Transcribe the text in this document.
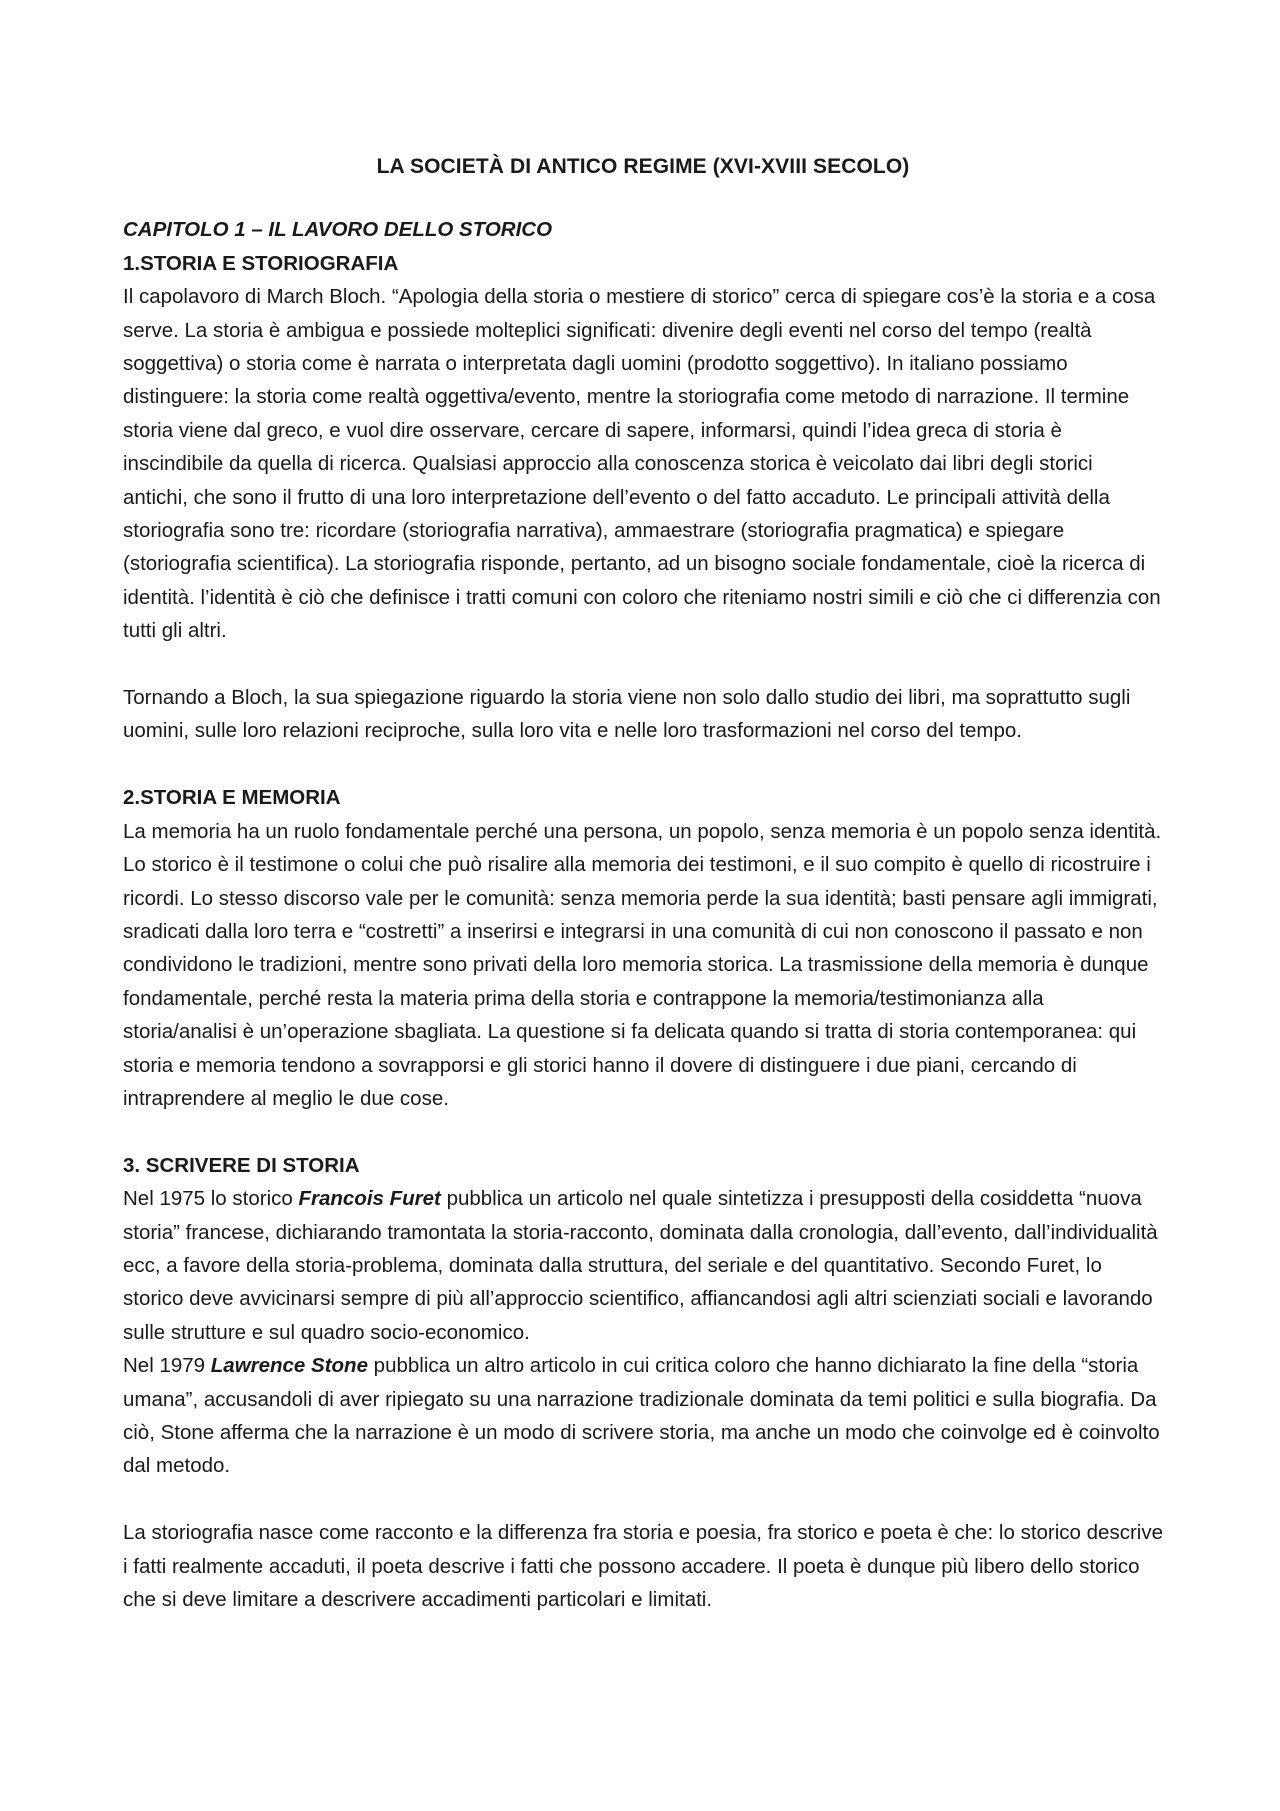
LA SOCIETÀ DI ANTICO REGIME (XVI-XVIII SECOLO)
CAPITOLO 1 – IL LAVORO DELLO STORICO
1.STORIA E STORIOGRAFIA

Il capolavoro di March Bloch. “Apologia della storia o mestiere di storico” cerca di spiegare cos’è la storia e a cosa serve. La storia è ambigua e possiede molteplici significati: divenire degli eventi nel corso del tempo (realtà soggettiva) o storia come è narrata o interpretata dagli uomini (prodotto soggettivo). In italiano possiamo distinguere: la storia come realtà oggettiva/evento, mentre la storiografia come metodo di narrazione. Il termine storia viene dal greco, e vuol dire osservare, cercare di sapere, informarsi, quindi l’idea greca di storia è inscindibile da quella di ricerca. Qualsiasi approccio alla conoscenza storica è veicolato dai libri degli storici antichi, che sono il frutto di una loro interpretazione dell’evento o del fatto accaduto. Le principali attività della storiografia sono tre: ricordare (storiografia narrativa), ammaestrare (storiografia pragmatica) e spiegare (storiografia scientifica). La storiografia risponde, pertanto, ad un bisogno sociale fondamentale, cioè la ricerca di identità. l’identità è ciò che definisce i tratti comuni con coloro che riteniamo nostri simili e ciò che ci differenzia con tutti gli altri.

Tornando a Bloch, la sua spiegazione riguardo la storia viene non solo dallo studio dei libri, ma soprattutto sugli uomini, sulle loro relazioni reciproche, sulla loro vita e nelle loro trasformazioni nel corso del tempo.

2.STORIA E MEMORIA

La memoria ha un ruolo fondamentale perché una persona, un popolo, senza memoria è un popolo senza identità. Lo storico è il testimone o colui che può risalire alla memoria dei testimoni, e il suo compito è quello di ricostruire i ricordi. Lo stesso discorso vale per le comunità: senza memoria perde la sua identità; basti pensare agli immigrati, sradicati dalla loro terra e “costretti” a inserirsi e integrarsi in una comunità di cui non conoscono il passato e non condividono le tradizioni, mentre sono privati della loro memoria storica. La trasmissione della memoria è dunque fondamentale, perché resta la materia prima della storia e contrappone la memoria/testimonianza alla storia/analisi è un’operazione sbagliata. La questione si fa delicata quando si tratta di storia contemporanea: qui storia e memoria tendono a sovrapporsi e gli storici hanno il dovere di distinguere i due piani, cercando di intraprendere al meglio le due cose.

3. SCRIVERE DI STORIA

Nel 1975 lo storico Francois Furet pubblica un articolo nel quale sintetizza i presupposti della cosiddetta “nuova storia” francese, dichiarando tramontata la storia-racconto, dominata dalla cronologia, dall’evento, dall’individualità ecc, a favore della storia-problema, dominata dalla struttura, del seriale e del quantitativo. Secondo Furet, lo storico deve avvicinarsi sempre di più all’approccio scientifico, affiancandosi agli altri scienziati sociali e lavorando sulle strutture e sul quadro socio-economico.

Nel 1979 Lawrence Stone pubblica un altro articolo in cui critica coloro che hanno dichiarato la fine della “storia umana”, accusandoli di aver ripiegato su una narrazione tradizionale dominata da temi politici e sulla biografia. Da ciò, Stone afferma che la narrazione è un modo di scrivere storia, ma anche un modo che coinvolge ed è coinvolto dal metodo.

La storiografia nasce come racconto e la differenza fra storia e poesia, fra storico e poeta è che: lo storico descrive i fatti realmente accaduti, il poeta descrive i fatti che possono accadere. Il poeta è dunque più libero dello storico che si deve limitare a descrivere accadimenti particolari e limitati.
